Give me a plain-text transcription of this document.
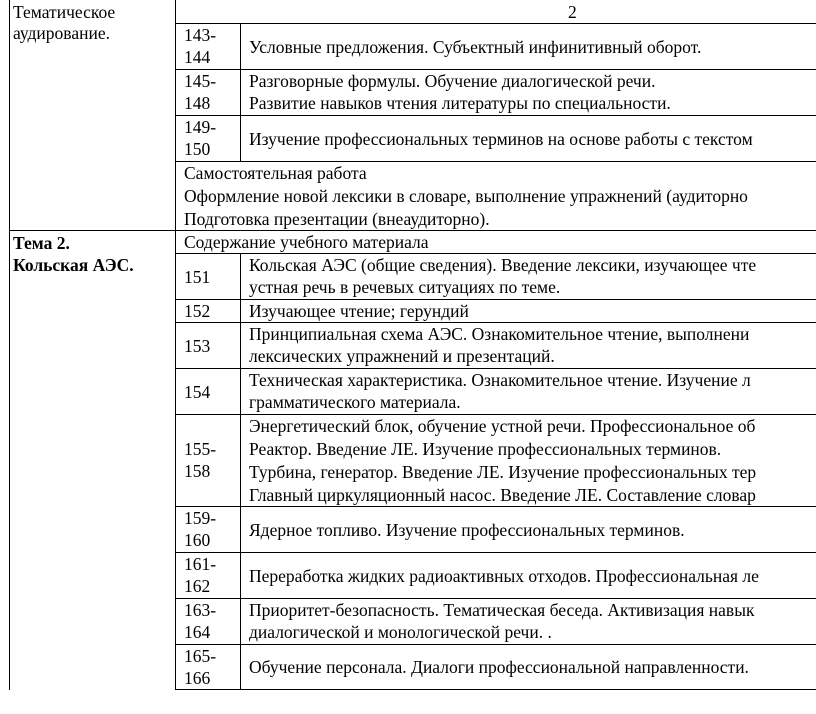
2
Тематическое
аудирование.
Тема 2.
Кольская АЭС.
143-
144 Условные предложения. Субъектный инфинитивный оборот.
145-
148
Разговорные формулы. Обучение диалогической речи.
Развитие навыков чтения литературы по специальности.
149-
150 Изучение профессиональных терминов на основе работы с текстом
Самостоятельная работа
Оформление новой лексики в словаре, выполнение упражнений (аудиторно
Подготовка презентации (внеаудиторно).
Содержание учебного материала
151
Кольская АЭС (общие сведения). Введение лексики, изучающее чте
устная речь в речевых ситуациях по теме.
152 Изучающее чтение; герундий
153
Принципиальная схема АЭС. Ознакомительное чтение, выполнени
лексических упражнений и презентаций.
154
Техническая характеристика. Ознакомительное чтение. Изучение л
грамматического материала.
155-
158
Энергетический блок, обучение устной речи. Профессиональное об
Реактор. Введение ЛЕ. Изучение профессиональных терминов.
Турбина, генератор. Введение ЛЕ. Изучение профессиональных тер
Главный циркуляционный насос. Введение ЛЕ. Составление словар
159-
160 Ядерное топливо. Изучение профессиональных терминов.
161-
162 Переработка жидких радиоактивных отходов. Профессиональная ле
163-
164
Приоритет-безопасность. Тематическая беседа. Активизация навык
диалогической и монологической речи. .
165-
166
Обучение персонала. Диалоги профессиональной направленности.
